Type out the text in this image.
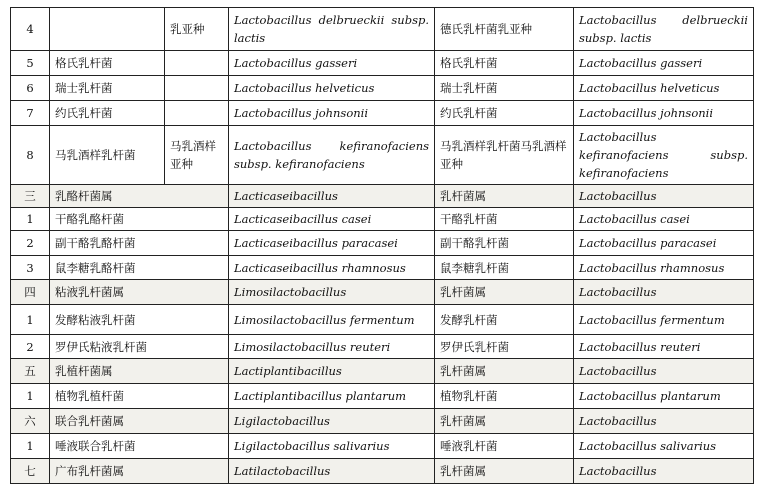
4		乳亚种	Lactobacillus delbrueckii subsp. lactis	德氏乳杆菌乳亚种	Lactobacillus delbrueckii subsp. lactis
5	格氏乳杆菌		Lactobacillus gasseri	格氏乳杆菌	Lactobacillus gasseri
6	瑞士乳杆菌		Lactobacillus helveticus	瑞士乳杆菌	Lactobacillus helveticus
7	约氏乳杆菌		Lactobacillus johnsonii	约氏乳杆菌	Lactobacillus johnsonii
8	马乳酒样乳杆菌	马乳酒样亚种	Lactobacillus kefiranofaciens subsp. kefiranofaciens	马乳酒样乳杆菌马乳酒样亚种	Lactobacillus kefiranofaciens subsp. kefiranofaciens
三	乳酪杆菌属		Lacticaseibacillus	乳杆菌属	Lactobacillus
1	干酪乳酪杆菌		Lacticaseibacillus casei	干酪乳杆菌	Lactobacillus casei
2	副干酪乳酪杆菌		Lacticaseibacillus paracasei	副干酪乳杆菌	Lactobacillus paracasei
3	鼠李糖乳酪杆菌		Lacticaseibacillus rhamnosus	鼠李糖乳杆菌	Lactobacillus rhamnosus
四	粘液乳杆菌属		Limosilactobacillus	乳杆菌属	Lactobacillus
1	发酵粘液乳杆菌		Limosilactobacillus fermentum	发酵乳杆菌	Lactobacillus fermentum
2	罗伊氏粘液乳杆菌		Limosilactobacillus reuteri	罗伊氏乳杆菌	Lactobacillus reuteri
五	乳植杆菌属		Lactiplantibacillus	乳杆菌属	Lactobacillus
1	植物乳植杆菌		Lactiplantibacillus plantarum	植物乳杆菌	Lactobacillus plantarum
六	联合乳杆菌属		Ligilactobacillus	乳杆菌属	Lactobacillus
1	唾液联合乳杆菌		Ligilactobacillus salivarius	唾液乳杆菌	Lactobacillus salivarius
七	广布乳杆菌属		Latilactobacillus	乳杆菌属	Lactobacillus
